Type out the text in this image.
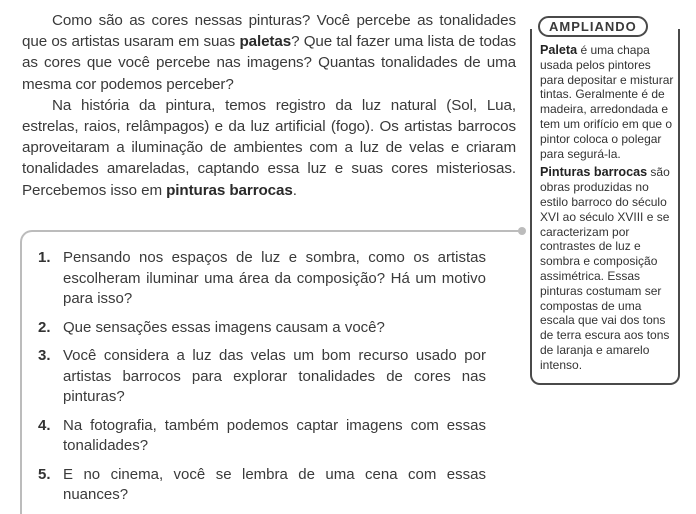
Como são as cores nessas pinturas? Você percebe as tonalidades que os artistas usaram em suas paletas? Que tal fazer uma lista de todas as cores que você percebe nas imagens? Quantas tonalidades de uma mesma cor podemos perceber?

Na história da pintura, temos registro da luz natural (Sol, Lua, estrelas, raios, relâmpagos) e da luz artificial (fogo). Os artistas barrocos aproveitaram a iluminação de ambientes com a luz de velas e criaram tonalidades amareladas, captando essa luz e suas cores misteriosas. Percebemos isso em pinturas barrocas.

1. Pensando nos espaços de luz e sombra, como os artistas escolheram iluminar uma área da composição? Há um motivo para isso?
2. Que sensações essas imagens causam a você?
3. Você considera a luz das velas um bom recurso usado por artistas barrocos para explorar tonalidades de cores nas pinturas?
4. Na fotografia, também podemos captar imagens com essas tonalidades?
5. E no cinema, você se lembra de uma cena com essas nuances?
AMPLIANDO

Paleta é uma chapa usada pelos pintores para depositar e misturar tintas. Geralmente é de madeira, arredondada e tem um orifício em que o pintor coloca o polegar para segurá-la.

Pinturas barrocas são obras produzidas no estilo barroco do século XVI ao século XVIII e se caracterizam por contrastes de luz e sombra e composição assimétrica. Essas pinturas costumam ser compostas de uma escala que vai dos tons de terra escura aos tons de laranja e amarelo intenso.
